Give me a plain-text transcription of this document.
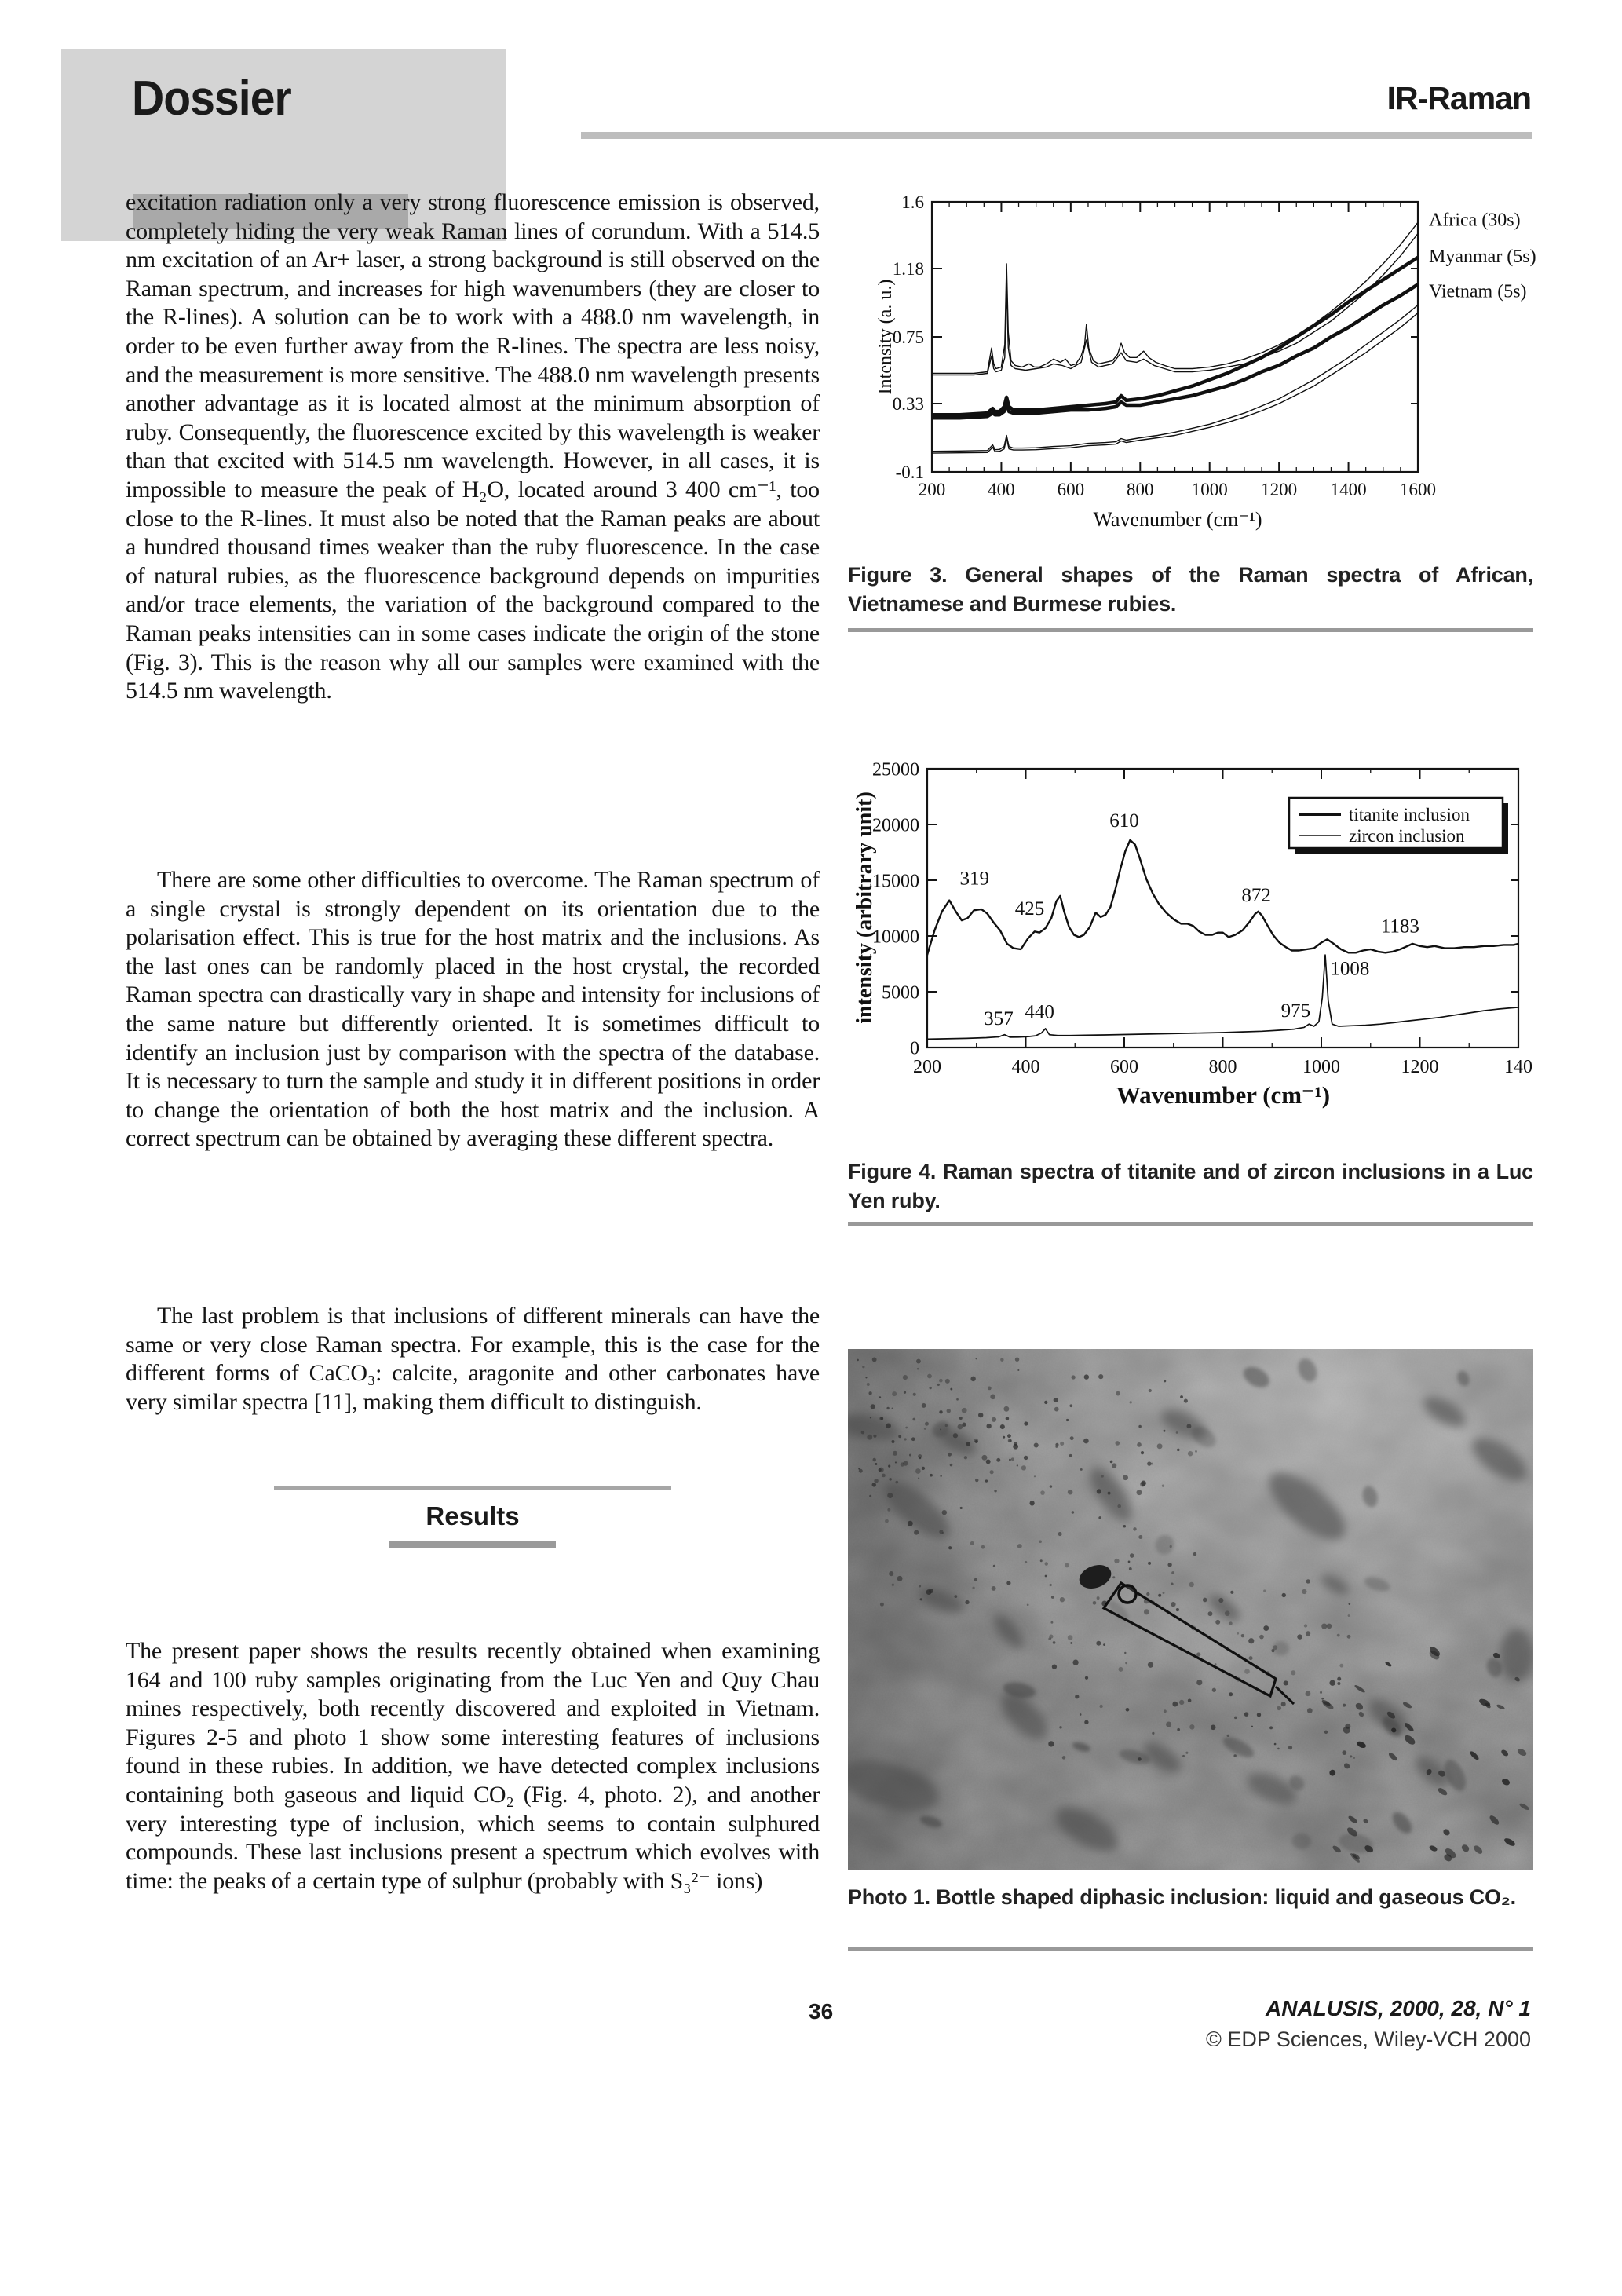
Dossier	IR-Raman

excitation radiation only a very strong fluorescence emission is observed, completely hiding the very weak Raman lines of corundum. With a 514.5 nm excitation of an Ar+ laser, a strong background is still observed on the Raman spectrum, and increases for high wavenumbers (they are closer to the R-lines). A solution can be to work with a 488.0 nm wavelength, in order to be even further away from the R-lines. The spectra are less noisy, and the measurement is more sensitive. The 488.0 nm wavelength presents another advantage as it is located almost at the minimum absorption of ruby. Consequently, the fluorescence excited by this wavelength is weaker than that excited with 514.5 nm wavelength. However, in all cases, it is impossible to measure the peak of H₂O, located around 3 400 cm⁻¹, too close to the R-lines. It must also be noted that the Raman peaks are about a hundred thousand times weaker than the ruby fluorescence. In the case of natural rubies, as the fluorescence background depends on impurities and/or trace elements, the variation of the background compared to the Raman peaks intensities can in some cases indicate the origin of the stone (Fig. 3). This is the reason why all our samples were examined with the 514.5 nm wavelength.

There are some other difficulties to overcome. The Raman spectrum of a single crystal is strongly dependent on its orientation due to the polarisation effect. This is true for the host matrix and the inclusions. As the last ones can be randomly placed in the host crystal, the recorded Raman spectra can drastically vary in shape and intensity for inclusions of the same nature but differently oriented. It is sometimes difficult to identify an inclusion just by comparison with the spectra of the database. It is necessary to turn the sample and study it in different positions in order to change the orientation of both the host matrix and the inclusion. A correct spectrum can be obtained by averaging these different spectra.

The last problem is that inclusions of different minerals can have the same or very close Raman spectra. For example, this is the case for the different forms of CaCO₃: calcite, aragonite and other carbonates have very similar spectra [11], making them difficult to distinguish.

Results

The present paper shows the results recently obtained when examining 164 and 100 ruby samples originating from the Luc Yen and Quy Chau mines respectively, both recently discovered and exploited in Vietnam. Figures 2-5 and photo 1 show some interesting features of inclusions found in these rubies. In addition, we have detected complex inclusions containing both gaseous and liquid CO₂ (Fig. 4, photo. 2), and another very interesting type of inclusion, which seems to contain sulphured compounds. These last inclusions present a spectrum which evolves with time: the peaks of a certain type of sulphur (probably with S₃²⁻ ions)

200 400 600 800 1000 1200 1400 1600
1.6
1.18
0.75
0.33
-0.1
Africa (30s)
Myanmar (5s)
Vietnam (5s)
Wavenumber (cm⁻¹)
Intensity (a. u.)
Figure 3. General shapes of the Raman spectra of African, Vietnamese and Burmese rubies.
200	400	600	800	1000	1200	140
0
5000
10000
15000
20000
25000
319
425
610
872
1183
357 440	975
1008
Wavenumber (cm⁻¹)
intensity (arbitrary unit)	titanite inclusion
zircon inclusion
Figure 4. Raman spectra of titanite and of zircon inclusions in a Luc Yen ruby.
Photo 1. Bottle shaped diphasic inclusion: liquid and gaseous CO₂.
36	ANALUSIS, 2000, 28, N° 1
© EDP Sciences, Wiley-VCH 2000
